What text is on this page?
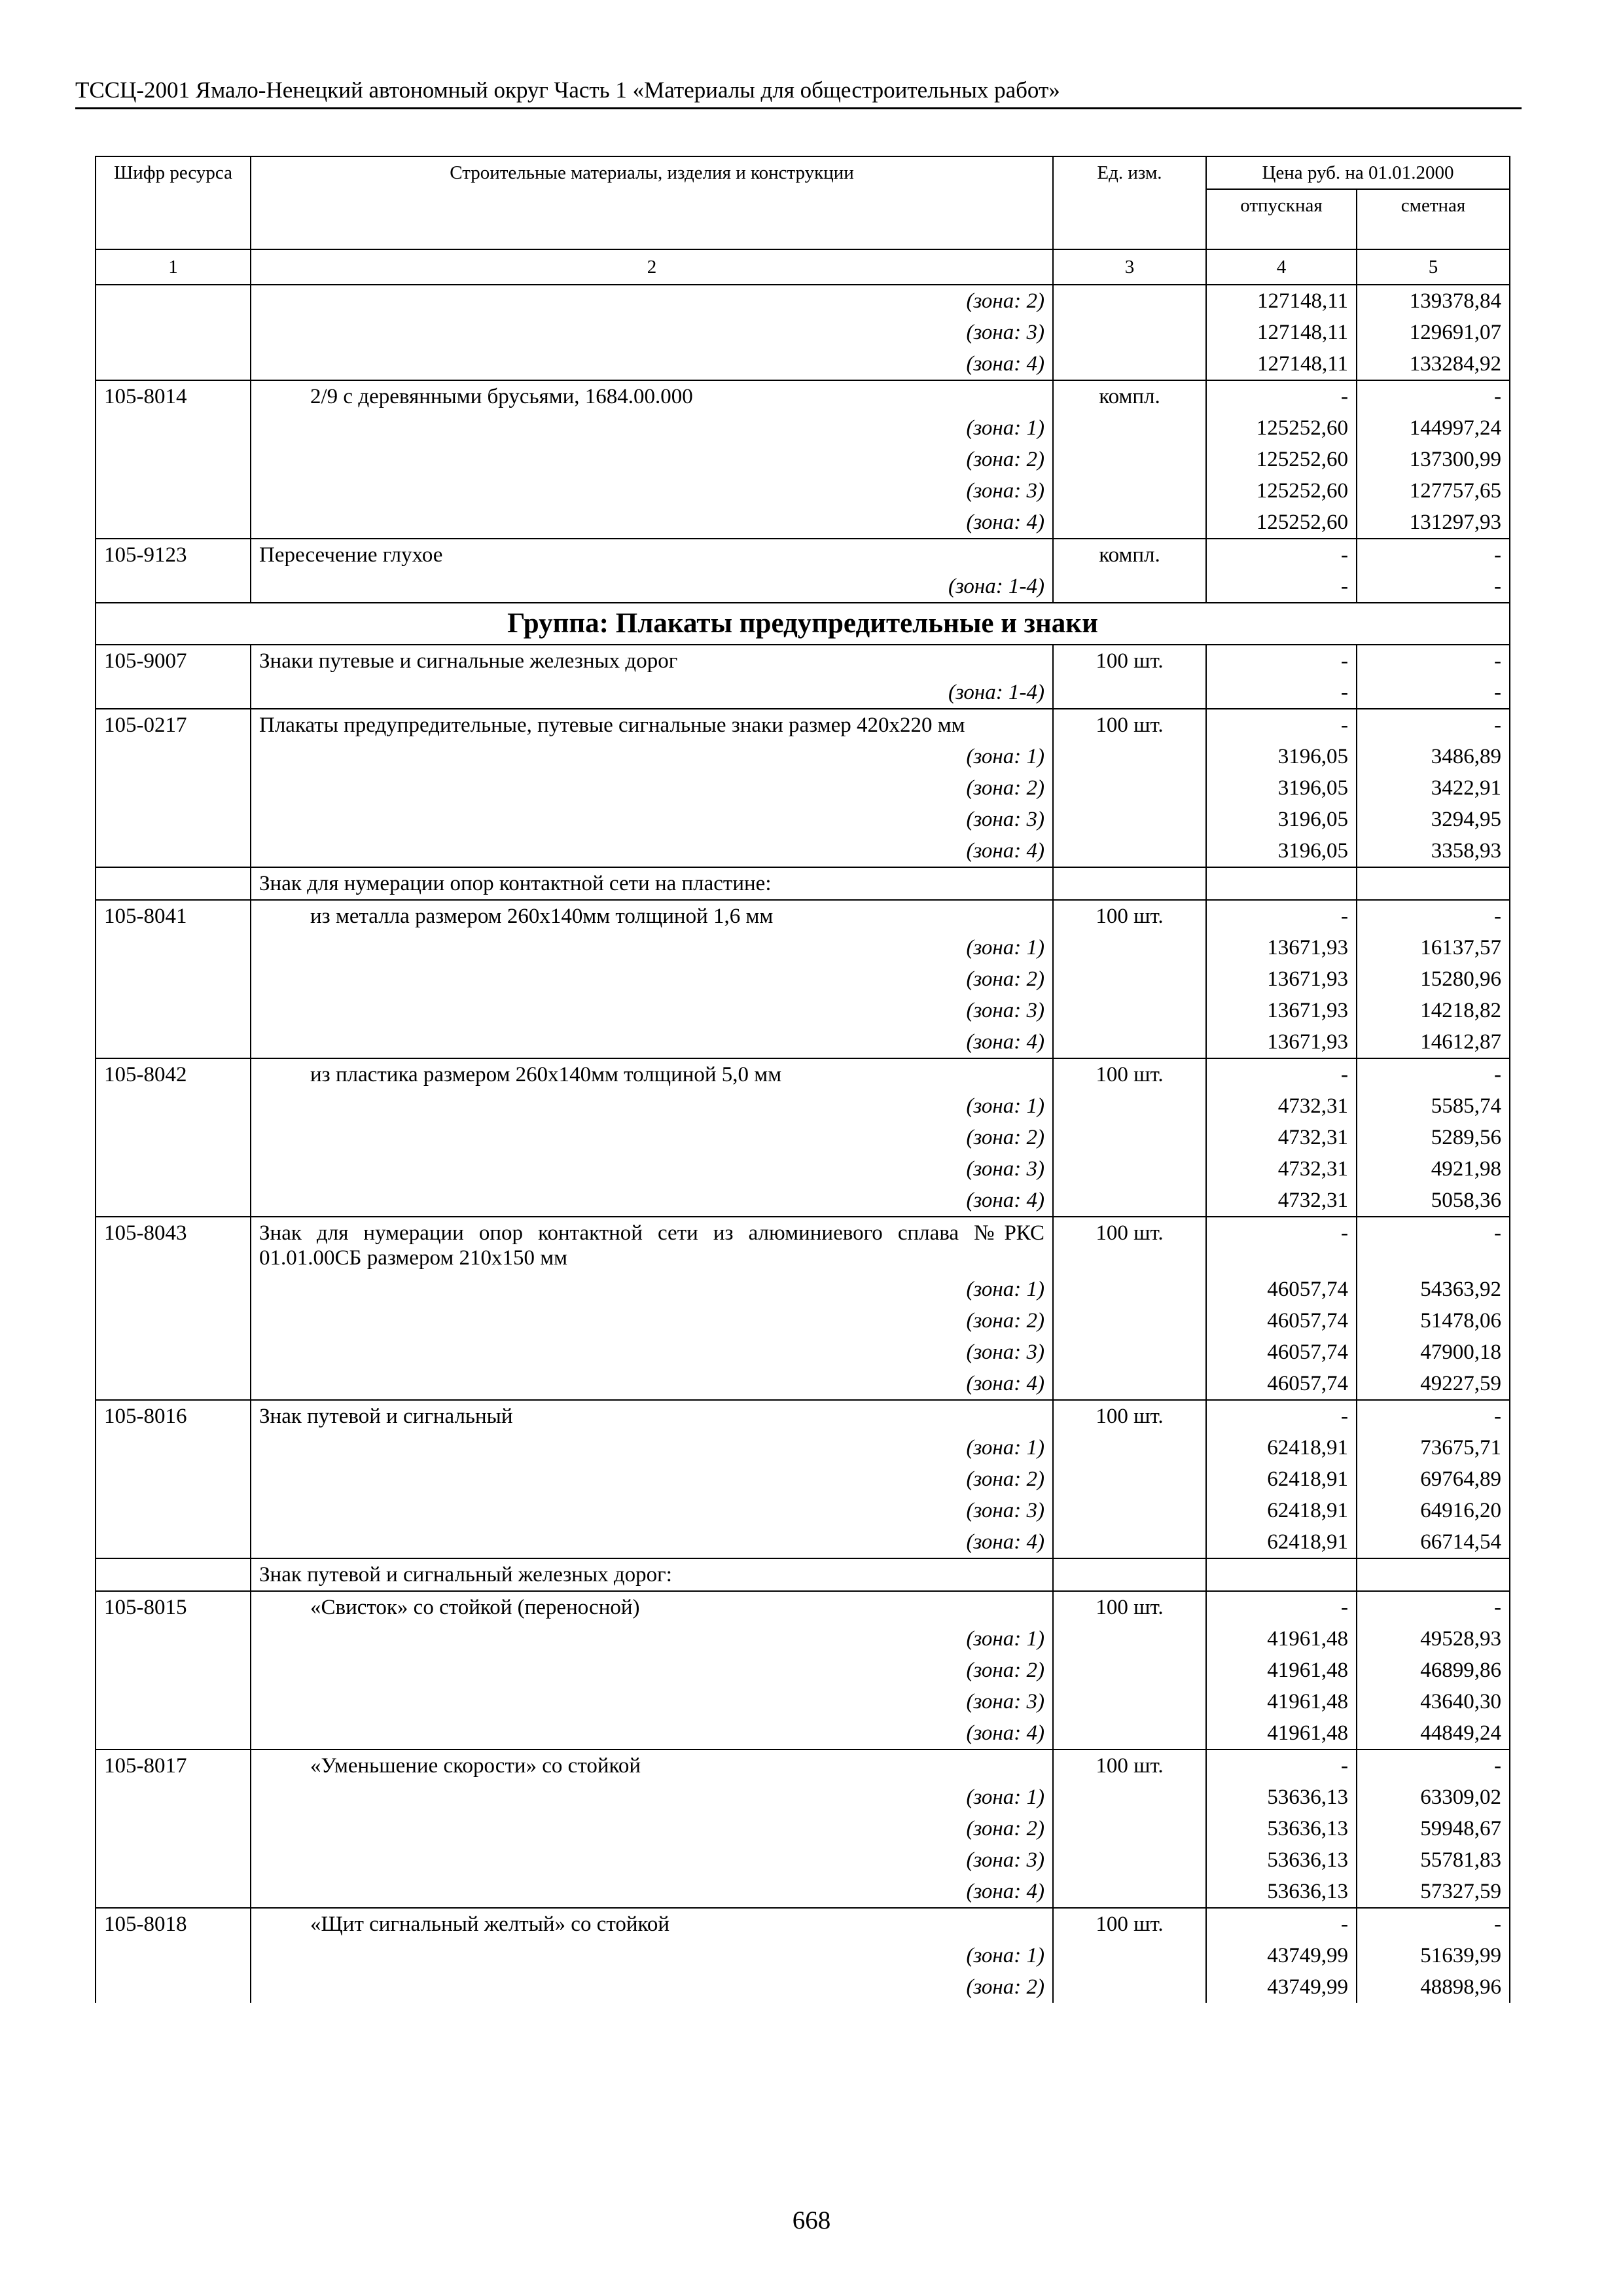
ТССЦ-2001 Ямало-Ненецкий автономный округ Часть 1 «Материалы для общестроительных работ»
Шифр ресурса	Строительные материалы, изделия и конструкции	Ед. изм.	Цена руб. на 01.01.2000	
			отпускная	сметная
1	2	3	4	5
	(зона: 2)		127148,11	139378,84
	(зона: 3)		127148,11	129691,07
	(зона: 4)		127148,11	133284,92
105-8014	2/9 с деревянными брусьями, 1684.00.000	компл.	-	-
	(зона: 1)		125252,60	144997,24
	(зона: 2)		125252,60	137300,99
	(зона: 3)		125252,60	127757,65
	(зона: 4)		125252,60	131297,93
105-9123	Пересечение глухое	компл.	-	-
	(зона: 1-4)		-	-
Группа: Плакаты предупредительные и знаки				
105-9007	Знаки путевые и сигнальные железных дорог	100 шт.	-	-
	(зона: 1-4)		-	-
105-0217	Плакаты предупредительные, путевые сигнальные знаки размер 420х220 мм	100 шт.	-	-
	(зона: 1)		3196,05	3486,89
	(зона: 2)		3196,05	3422,91
	(зона: 3)		3196,05	3294,95
	(зона: 4)		3196,05	3358,93
	Знак для нумерации опор контактной сети на пластине:			
105-8041	из металла размером 260х140мм толщиной 1,6 мм	100 шт.	-	-
	(зона: 1)		13671,93	16137,57
	(зона: 2)		13671,93	15280,96
	(зона: 3)		13671,93	14218,82
	(зона: 4)		13671,93	14612,87
105-8042	из пластика размером 260х140мм толщиной 5,0 мм	100 шт.	-	-
	(зона: 1)		4732,31	5585,74
	(зона: 2)		4732,31	5289,56
	(зона: 3)		4732,31	4921,98
	(зона: 4)		4732,31	5058,36
105-8043	Знак для нумерации опор контактной сети из алюминиевого сплава №РКС 01.01.00СБ размером 210х150 мм	100 шт.	-	-
	(зона: 1)		46057,74	54363,92
	(зона: 2)		46057,74	51478,06
	(зона: 3)		46057,74	47900,18
	(зона: 4)		46057,74	49227,59
105-8016	Знак путевой и сигнальный	100 шт.	-	-
	(зона: 1)		62418,91	73675,71
	(зона: 2)		62418,91	69764,89
	(зона: 3)		62418,91	64916,20
	(зона: 4)		62418,91	66714,54
	Знак путевой и сигнальный железных дорог:			
105-8015	«Свисток» со стойкой (переносной)	100 шт.	-	-
	(зона: 1)		41961,48	49528,93
	(зона: 2)		41961,48	46899,86
	(зона: 3)		41961,48	43640,30
	(зона: 4)		41961,48	44849,24
105-8017	«Уменьшение скорости» со стойкой	100 шт.	-	-
	(зона: 1)		53636,13	63309,02
	(зона: 2)		53636,13	59948,67
	(зона: 3)		53636,13	55781,83
	(зона: 4)		53636,13	57327,59
105-8018	«Щит сигнальный желтый» со стойкой	100 шт.	-	-
	(зона: 1)		43749,99	51639,99
	(зона: 2)		43749,99	48898,96
668
